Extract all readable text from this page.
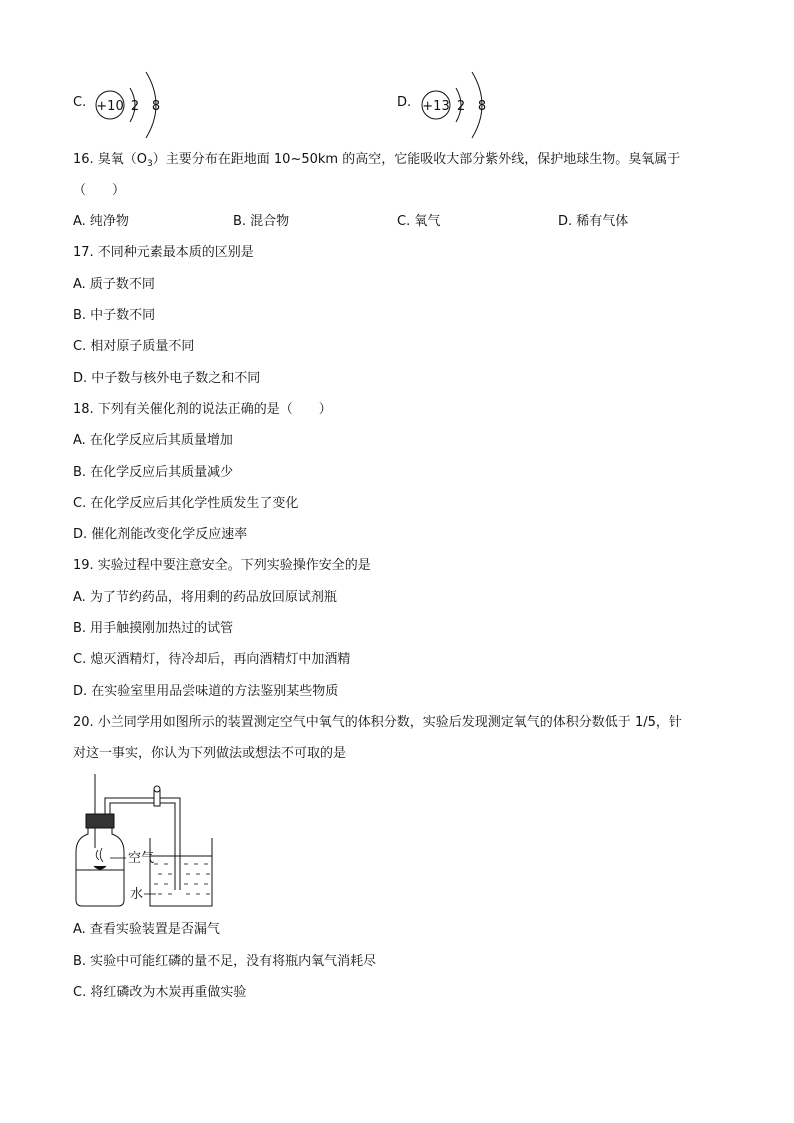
C. +10 2 8	D. +13 2 8
16. 臭氧$(O_3)$主要分布在距地面 10~50km 的高空，它能吸收大部分紫外线，保护地球生物。臭氧属于
（　　）
A. 纯净物	B. 混合物	C. 氧气	D. 稀有气体
17. 不同种元素最本质的区别是
A. 质子数不同
B. 中子数不同
C. 相对原子质量不同
D. 中子数与核外电子数之和不同
18. 下列有关催化剂的说法正确的是（　　）
A. 在化学反应后其质量增加
B. 在化学反应后其质量减少
C. 在化学反应后其化学性质发生了变化
D. 催化剂能改变化学反应速率
19. 实验过程中要注意安全。下列实验操作安全的是
A. 为了节约药品，将用剩的药品放回原试剂瓶
B. 用手触摸刚加热过的试管
C. 熄灭酒精灯，待冷却后，再向酒精灯中加酒精
D. 在实验室里用品尝味道的方法鉴别某些物质
20. 小兰同学用如图所示的装置测定空气中氧气的体积分数，实验后发现测定氧气的体积分数低于 1/5，针
对这一事实，你认为下列做法或想法不可取的是
空气
水
A. 查看实验装置是否漏气
B. 实验中可能红磷的量不足，没有将瓶内氧气消耗尽
C. 将红磷改为木炭再重做实验
